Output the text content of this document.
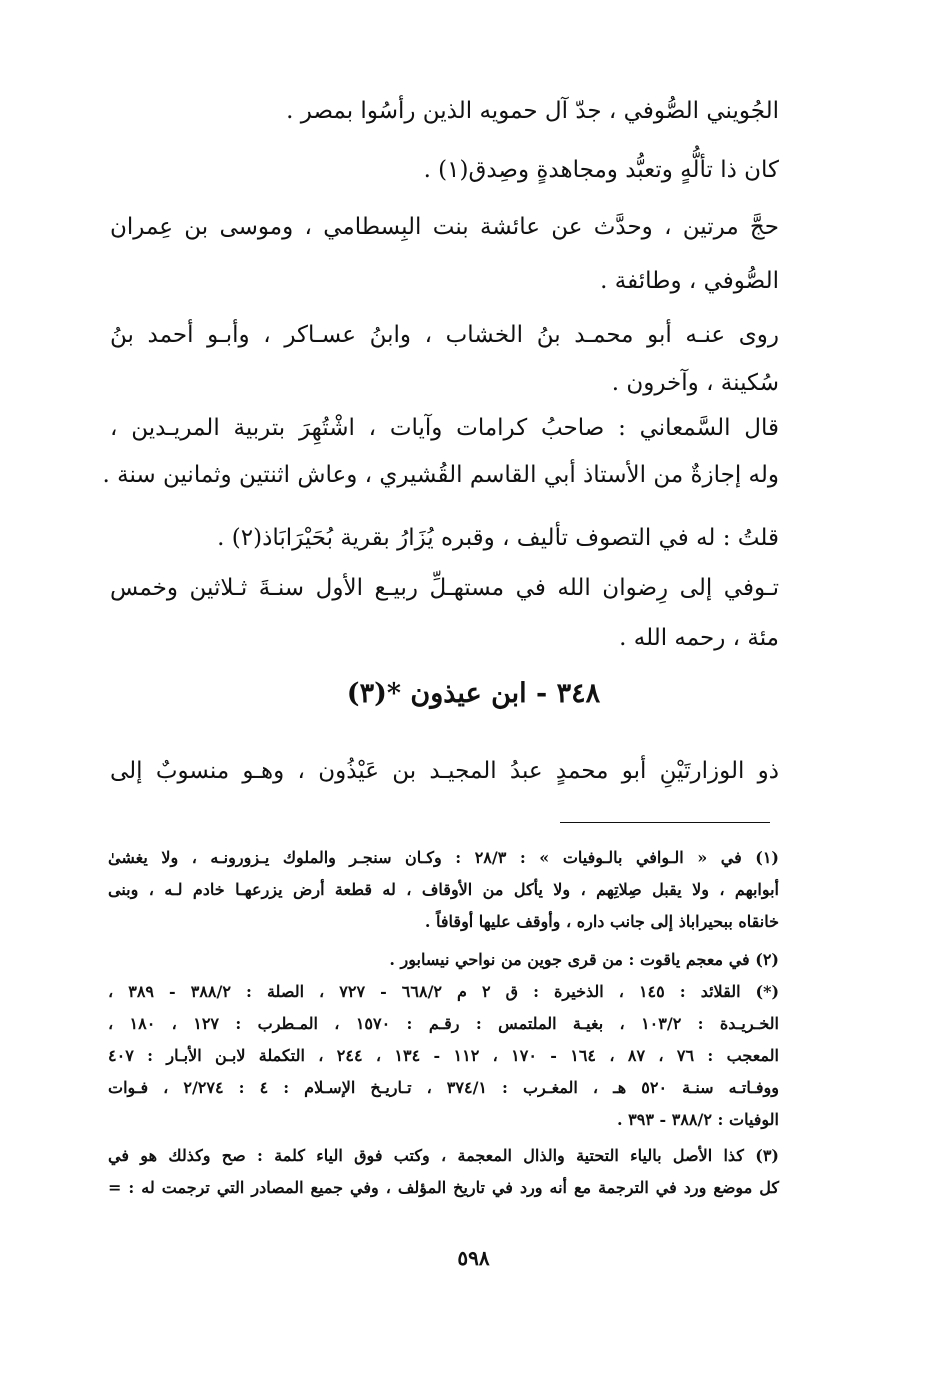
الجُويني الصُّوفي ، جدّ آل حمويه الذين رأسُوا بمصر .
كان ذا تألُّهٍ وتعبُّد ومجاهدةٍ وصِدق(١) .
حجَّ مرتين ، وحدَّث عن عائشة بنت البِسطامي ، وموسى بن عِمران
الصُّوفي ، وطائفة .
روى عنـه أبو محمـد بنُ الخشاب ، وابنُ عسـاكر ، وأبـو أحمد بنُ
سُكينة ، وآخرون .
قال السَّمعاني : صاحبُ كرامات وآيات ، اشْتُهِرَ بتربية المريـدين ،
وله إجازةٌ من الأستاذ أبي القاسم القُشيري ، وعاش اثنتين وثمانين سنة .
قلتُ : له في التصوف تأليف ، وقبره يُزَارُ بقرية بُحَيْرَابَاذ(٢) .
تـوفي إلى رِضوان الله في مستهـلِّ ربيـع الأول سنـةَ ثـلاثين وخمس
مئة ، رحمه الله .
٣٤٨ - ابن عيذون *(٣)
ذو الوزارتَيْنِ أبو محمدٍ عبدُ المجيـد بن عَيْذُون ، وهـو منسوبٌ إلى
(١) في « الـوافي بالـوفيات » : ٢٨/٣ : وكـان سنجـر والملوك يـزورونـه ، ولا يغشىٰ
أبوابهم ، ولا يقبل صِلاتِهم ، ولا يأكل من الأوقاف ، له قطعة أرض يزرعهـا خادم لـه ، وبنى
خانقاه ببحيراباذ إلى جانب داره ، وأوقف عليها أوقافاً .
(٢) في معجم ياقوت : من قرى جوين من نواحي نيسابور .
(*) القلائد : ١٤٥ ، الذخيرة : ق ٢ م ٦٦٨/٢ - ٧٢٧ ، الصلة : ٣٨٨/٢ - ٣٨٩ ،
الخـريـدة : ١٠٣/٢ ، بغيـة الملتمس : رقـم : ١٥٧٠ ، المـطرب : ١٢٧ ، ١٨٠ ،
المعجب : ٧٦ ، ٨٧ ، ١٦٤ - ١٧٠ ، ١١٢ - ١٣٤ ، ٢٤٤ ، التكملة لابـن الأبـار : ٤٠٧
ووفـاتـه سنـة ٥٢٠ هـ ، المغـرب : ٣٧٤/١ ، تـاريـخ الإسـلام : ٤ : ٢/٢٧٤ ، فـوات
الوفيات : ٣٨٨/٢ - ٣٩٣ .
(٣) كذا الأصل بالياء التحتية والذال المعجمة ، وكتب فوق الياء كلمة : صح وكذلك هو في
كل موضع ورد في الترجمة مع أنه ورد في تاريخ المؤلف ، وفي جميع المصادر التي ترجمت له : =
٥٩٨
